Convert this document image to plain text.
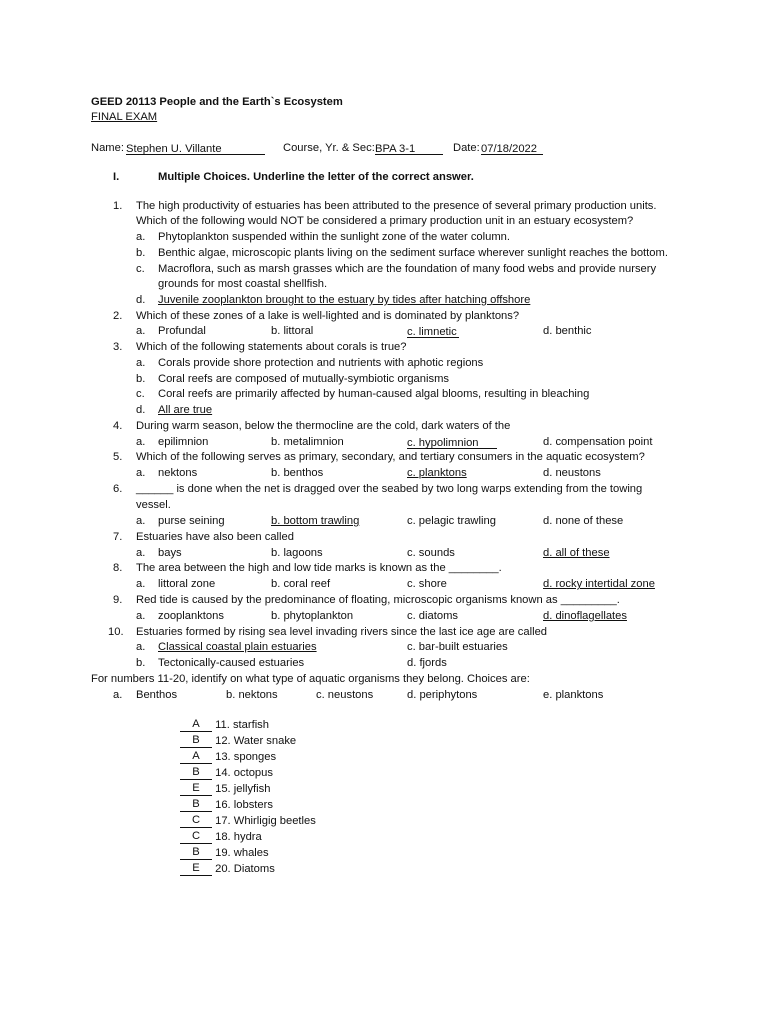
GEED 20113 People and the Earth`s Ecosystem
FINAL EXAM
Name: Stephen U. Villante	Course, Yr. & Sec: BPA 3-1	Date: 07/18/2022
I.	Multiple Choices. Underline the letter of the correct answer.
1. The high productivity of estuaries has been attributed to the presence of several primary production units.
Which of the following would NOT be considered a primary production unit in an estuary ecosystem?
a. Phytoplankton suspended within the sunlight zone of the water column.
b. Benthic algae, microscopic plants living on the sediment surface wherever sunlight reaches the bottom.
c. Macroflora, such as marsh grasses which are the foundation of many food webs and provide nursery
grounds for most coastal shellfish.
d. Juvenile zooplankton brought to the estuary by tides after hatching offshore
2. Which of these zones of a lake is well-lighted and is dominated by planktons?
a. Profundal	b. littoral	c. limnetic	d. benthic
3. Which of the following statements about corals is true?
a. Corals provide shore protection and nutrients with aphotic regions
b. Coral reefs are composed of mutually-symbiotic organisms
c. Coral reefs are primarily affected by human-caused algal blooms, resulting in bleaching
d. All are true
4. During warm season, below the thermocline are the cold, dark waters of the
a. epilimnion	b. metalimnion	c. hypolimnion	d. compensation point
5. Which of the following serves as primary, secondary, and tertiary consumers in the aquatic ecosystem?
a. nektons	b. benthos	c. planktons	d. neustons
6. ______ is done when the net is dragged over the seabed by two long warps extending from the towing
vessel.
a. purse seining	b. bottom trawling	c. pelagic trawling	d. none of these
7. Estuaries have also been called
a. bays	b. lagoons	c. sounds	d. all of these
8. The area between the high and low tide marks is known as the ________.
a. littoral zone	b. coral reef	c. shore	d. rocky intertidal zone
9. Red tide is caused by the predominance of floating, microscopic organisms known as _________.
a. zooplanktons	b. phytoplankton	c. diatoms	d. dinoflagellates
10. Estuaries formed by rising sea level invading rivers since the last ice age are called
a. Classical coastal plain estuaries	c. bar-built estuaries
b. Tectonically-caused estuaries	d. fjords
For numbers 11-20, identify on what type of aquatic organisms they belong. Choices are:
a. Benthos	b. nektons	c. neustons	d. periphytons	e. planktons
A 11. starfish
B 12. Water snake
A 13. sponges
B 14. octopus
E 15. jellyfish
B 16. lobsters
C 17. Whirligig beetles
C 18. hydra
B 19. whales
E 20. Diatoms
